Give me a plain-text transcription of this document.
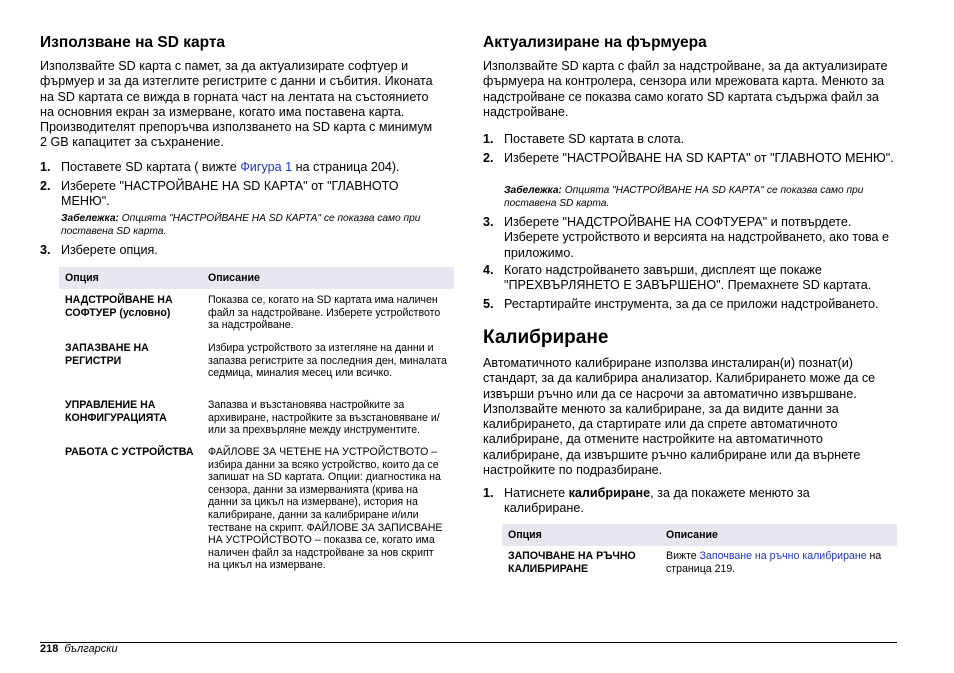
Използване на SD карта

Използвайте SD карта с памет, за да актуализирате софтуер и фърмуер и за да изтеглите регистрите с данни и събития. Иконата на SD картата се вижда в горната част на лентата на състоянието на основния екран за измерване, когато има поставена карта. Производителят препоръчва използването на SD карта с минимум 2 GB капацитет за съхранение.

1. Поставете SD картата ( вижте Фигура 1 на страница 204).
2. Изберете "НАСТРОЙВАНЕ НА SD КАРТА" от "ГЛАВНОТО МЕНЮ".
Забележка: Опцията "НАСТРОЙВАНЕ НА SD КАРТА" се показва само при поставена SD карта.
3. Изберете опция.
Опция	Описание
НАДСТРОЙВАНЕ НА СОФТУЕР (условно)	Показва се, когато на SD картата има наличен файл за надстройване. Изберете устройството за надстройване.
ЗАПАЗВАНЕ НА РЕГИСТРИ	Избира устройството за изтегляне на данни и запазва регистрите за последния ден, миналата седмица, миналия месец или всичко.
УПРАВЛЕНИЕ НА КОНФИГУРАЦИЯТА	Запазва и възстановява настройките за архивиране, настройките за възстановяване и/или за прехвърляне между инструментите.
РАБОТА С УСТРОЙСТВА	ФАЙЛОВЕ ЗА ЧЕТЕНЕ НА УСТРОЙСТВОТО – избира данни за всяко устройство, които да се запишат на SD картата. Опции: диагностика на сензора, данни за измерванията (крива на данни за цикъл на измерване), история на калибриране, данни за калибриране и/или тестване на скрипт. ФАЙЛОВЕ ЗА ЗАПИСВАНЕ НА УСТРОЙСТВОТО – показва се, когато има наличен файл за надстройване за нов скрипт на цикъл на измерване.
Актуализиране на фърмуера

Използвайте SD карта с файл за надстройване, за да актуализирате фърмуера на контролера, сензора или мрежовата карта. Менюто за надстройване се показва само когато SD картата съдържа файл за надстройване.

1. Поставете SD картата в слота.
2. Изберете "НАСТРОЙВАНЕ НА SD КАРТА" от "ГЛАВНОТО МЕНЮ".
Забележка: Опцията "НАСТРОЙВАНЕ НА SD КАРТА" се показва само при поставена SD карта.
3. Изберете "НАДСТРОЙВАНЕ НА СОФТУЕРА" и потвърдете. Изберете устройството и версията на надстройването, ако това е приложимо.
4. Когато надстройването завърши, дисплеят ще покаже "ПРЕХВЪРЛЯНЕТО Е ЗАВЪРШЕНО". Премахнете SD картата.
5. Рестартирайте инструмента, за да се приложи надстройването.
Калибриране

Автоматичното калибриране използва инсталиран(и) познат(и) стандарт, за да калибрира анализатор. Калибрирането може да се извърши ръчно или да се насрочи за автоматично извършване. Използвайте менюто за калибриране, за да видите данни за калибрирането, да стартирате или да спрете автоматичното калибриране, да отмените настройките на автоматичното калибриране, да извършите ръчно калибриране или да върнете настройките по подразбиране.

1. Натиснете калибриране, за да покажете менюто за калибриране.
Опция	Описание
ЗАПОЧВАНЕ НА РЪЧНО КАЛИБРИРАНЕ	Вижте Започване на ръчно калибриране на страница 219.
218 български
